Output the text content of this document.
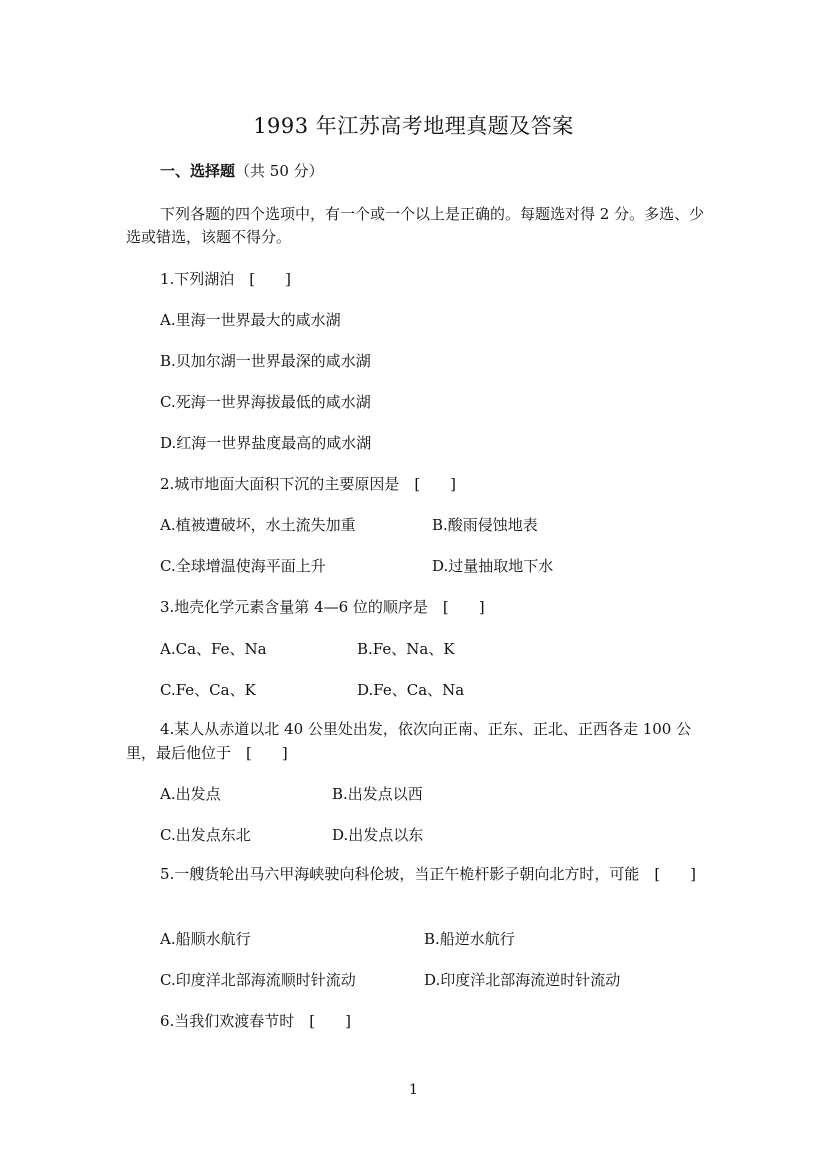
1993 年江苏高考地理真题及答案
一、选择题（共 50 分）
下列各题的四个选项中，有一个或一个以上是正确的。每题选对得 2 分。多选、少选或错选，该题不得分。
1.下列湖泊　[　　]
A.里海一世界最大的咸水湖
B.贝加尔湖一世界最深的咸水湖
C.死海一世界海拔最低的咸水湖
D.红海一世界盐度最高的咸水湖
2.城市地面大面积下沉的主要原因是　[　　]
A.植被遭破坏，水土流失加重	B.酸雨侵蚀地表
C.全球增温使海平面上升	D.过量抽取地下水
3.地壳化学元素含量第 4—6 位的顺序是　[　　]
A.Ca、Fe、Na	B.Fe、Na、K
C.Fe、Ca、K	D.Fe、Ca、Na
4.某人从赤道以北 40 公里处出发，依次向正南、正东、正北、正西各走 100 公里，最后他位于　[　　]
A.出发点	B.出发点以西
C.出发点东北	D.出发点以东
5.一艘货轮出马六甲海峡驶向科伦坡，当正午桅杆影子朝向北方时，可能　[　　]
A.船顺水航行	B.船逆水航行
C.印度洋北部海流顺时针流动	D.印度洋北部海流逆时针流动
6.当我们欢渡春节时　[　　]
1
